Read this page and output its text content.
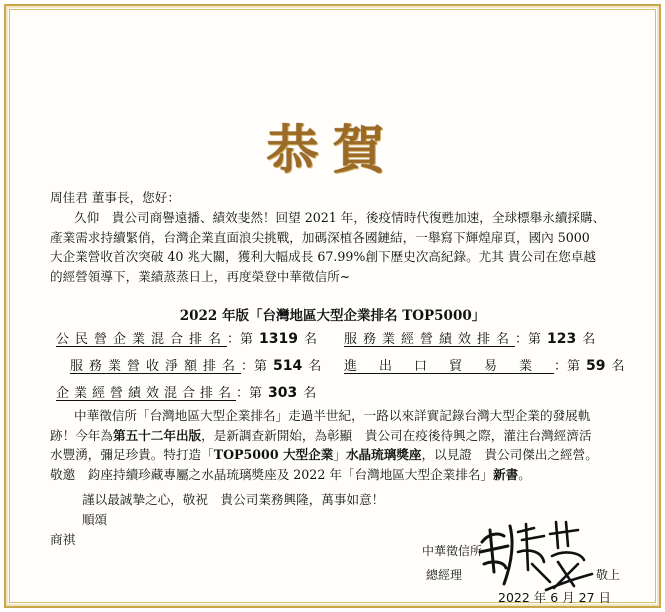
恭賀
周佳君 董事長，您好：
久仰　貴公司商譽遠播、績效斐然！回望 2021 年，後疫情時代復甦加速，全球標舉永續採購、
產業需求持續緊俏，台灣企業直面浪尖挑戰，加碼深植各國鏈結，一舉寫下輝煌扉頁，國內 5000
大企業營收首次突破 40 兆大關，獲利大幅成長 67.99%創下歷史次高紀錄。尤其 貴公司在您卓越
的經營領導下，業績蒸蒸日上，再度榮登中華徵信所~
2022 年版「台灣地區大型企業排名 TOP5000」
公民營企業混合排名：第 1319 名 服務業經營績效排名：第 123 名
服務業營收淨額排名：第 514 名 進出口貿易業：第 59 名
企業經營績效混合排名：第 303 名
中華徵信所「台灣地區大型企業排名」走過半世紀，一路以來詳實記錄台灣大型企業的發展軌
跡！今年為第五十二年出版，是新調查新開始，為彰顯　貴公司在疫後待興之際，灌注台灣經濟活
水豐湧，彌足珍貴。特打造「TOP5000 大型企業」水晶琉璃獎座，以見證　貴公司傑出之經營。
敬邀　鈞座持續珍藏專屬之水晶琉璃獎座及 2022 年「台灣地區大型企業排名」新書。
謹以最誠摯之心，敬祝　貴公司業務興隆，萬事如意！
順頌
商祺
中華徵信所
總經理	敬上
2022 年 6 月 27 日
